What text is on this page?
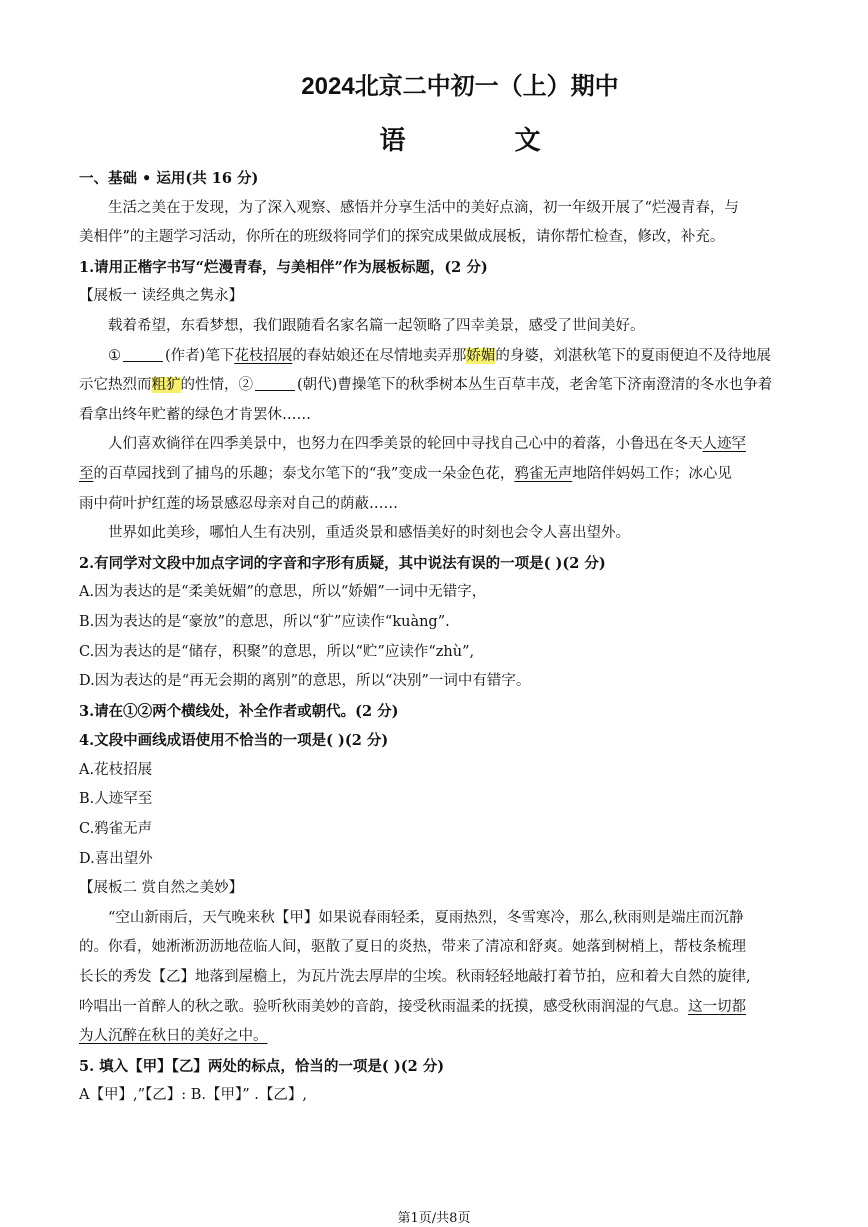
2024北京二中初一（上）期中
语 文
一、基础 • 运用(共 16 分)
生活之美在于发现，为了深入观察、感悟并分享生活中的美好点滴，初一年级开展了“烂漫青春，与
美相伴”的主题学习活动，你所在的班级将同学们的探究成果做成展板，请你帮忙检查，修改，补充。
1.请用正楷字书写“烂漫青春，与美相伴”作为展板标题，(2 分)
【展板一 读经典之隽永】
载着希望，东看梦想，我们跟随看名家名篇一起领略了四幸美景，感受了世间美好。
①	(作者)笔下花枝招展的春姑娘还在尽情地卖弄那娇媚的身婆，刘湛秋笔下的夏雨便迫不及待地展
示它热烈而粗犷的性情，②	(朝代)曹操笔下的秋季树本丛生百草丰茂，老舍笔下济南澄清的冬水也争着
看拿出终年贮蓄的绿色才肯罢休……
人们喜欢徜徉在四季美景中，也努力在四季美景的轮回中寻找自己心中的着落，小鲁迅在冬天人迹罕
至的百草园找到了捕鸟的乐趣；泰戈尔笔下的“我”变成一朵金色花，鸦雀无声地陪伴妈妈工作；冰心见
雨中荷叶护红莲的场景感忍母亲对自己的荫蔽……
世界如此美珍，哪怕人生有决别，重适炎景和感悟美好的时刻也会令人喜出望外。
2.有同学对文段中加点字词的字音和字形有质疑，其中说法有误的一项是( )(2 分)
A.因为表达的是“柔美妩媚”的意思，所以“娇媚”一词中无错字，
B.因为表达的是“豪放”的意思，所以“犷”应读作“kuàng”.
C.因为表达的是“储存，积聚”的意思，所以“贮”应读作“zhù”,
D.因为表达的是“再无会期的离别”的意思，所以“决别”一词中有错字。
3.请在①②两个横线处，补全作者或朝代。(2 分)
4.文段中画线成语使用不恰当的一项是( )(2 分)
A.花枝招展
B.人迹罕至
C.鸦雀无声
D.喜出望外
【展板二 赏自然之美妙】
“空山新雨后，天气晚来秋【甲】如果说春雨轻柔，夏雨热烈，冬雪寒冷，那么,秋雨则是端庄而沉静
的。你看，她淅淅沥沥地莅临人间，驱散了夏日的炎热，带来了清凉和舒爽。她落到树梢上，帮枝条梳理
长长的秀发【乙】地落到屋檐上，为瓦片洗去厚岸的尘埃。秋雨轻轻地敲打着节拍，应和着大自然的旋律,
吟唱出一首醉人的秋之歌。验听秋雨美妙的音韵，接受秋雨温柔的抚摸，感受秋雨润湿的气息。这一切都
为人沉醉在秋日的美好之中。
5. 填入【甲】【乙】两处的标点，恰当的一项是( )(2 分)
A【甲】,”【乙】: B.【甲】” .【乙】,
第1页/共8页
